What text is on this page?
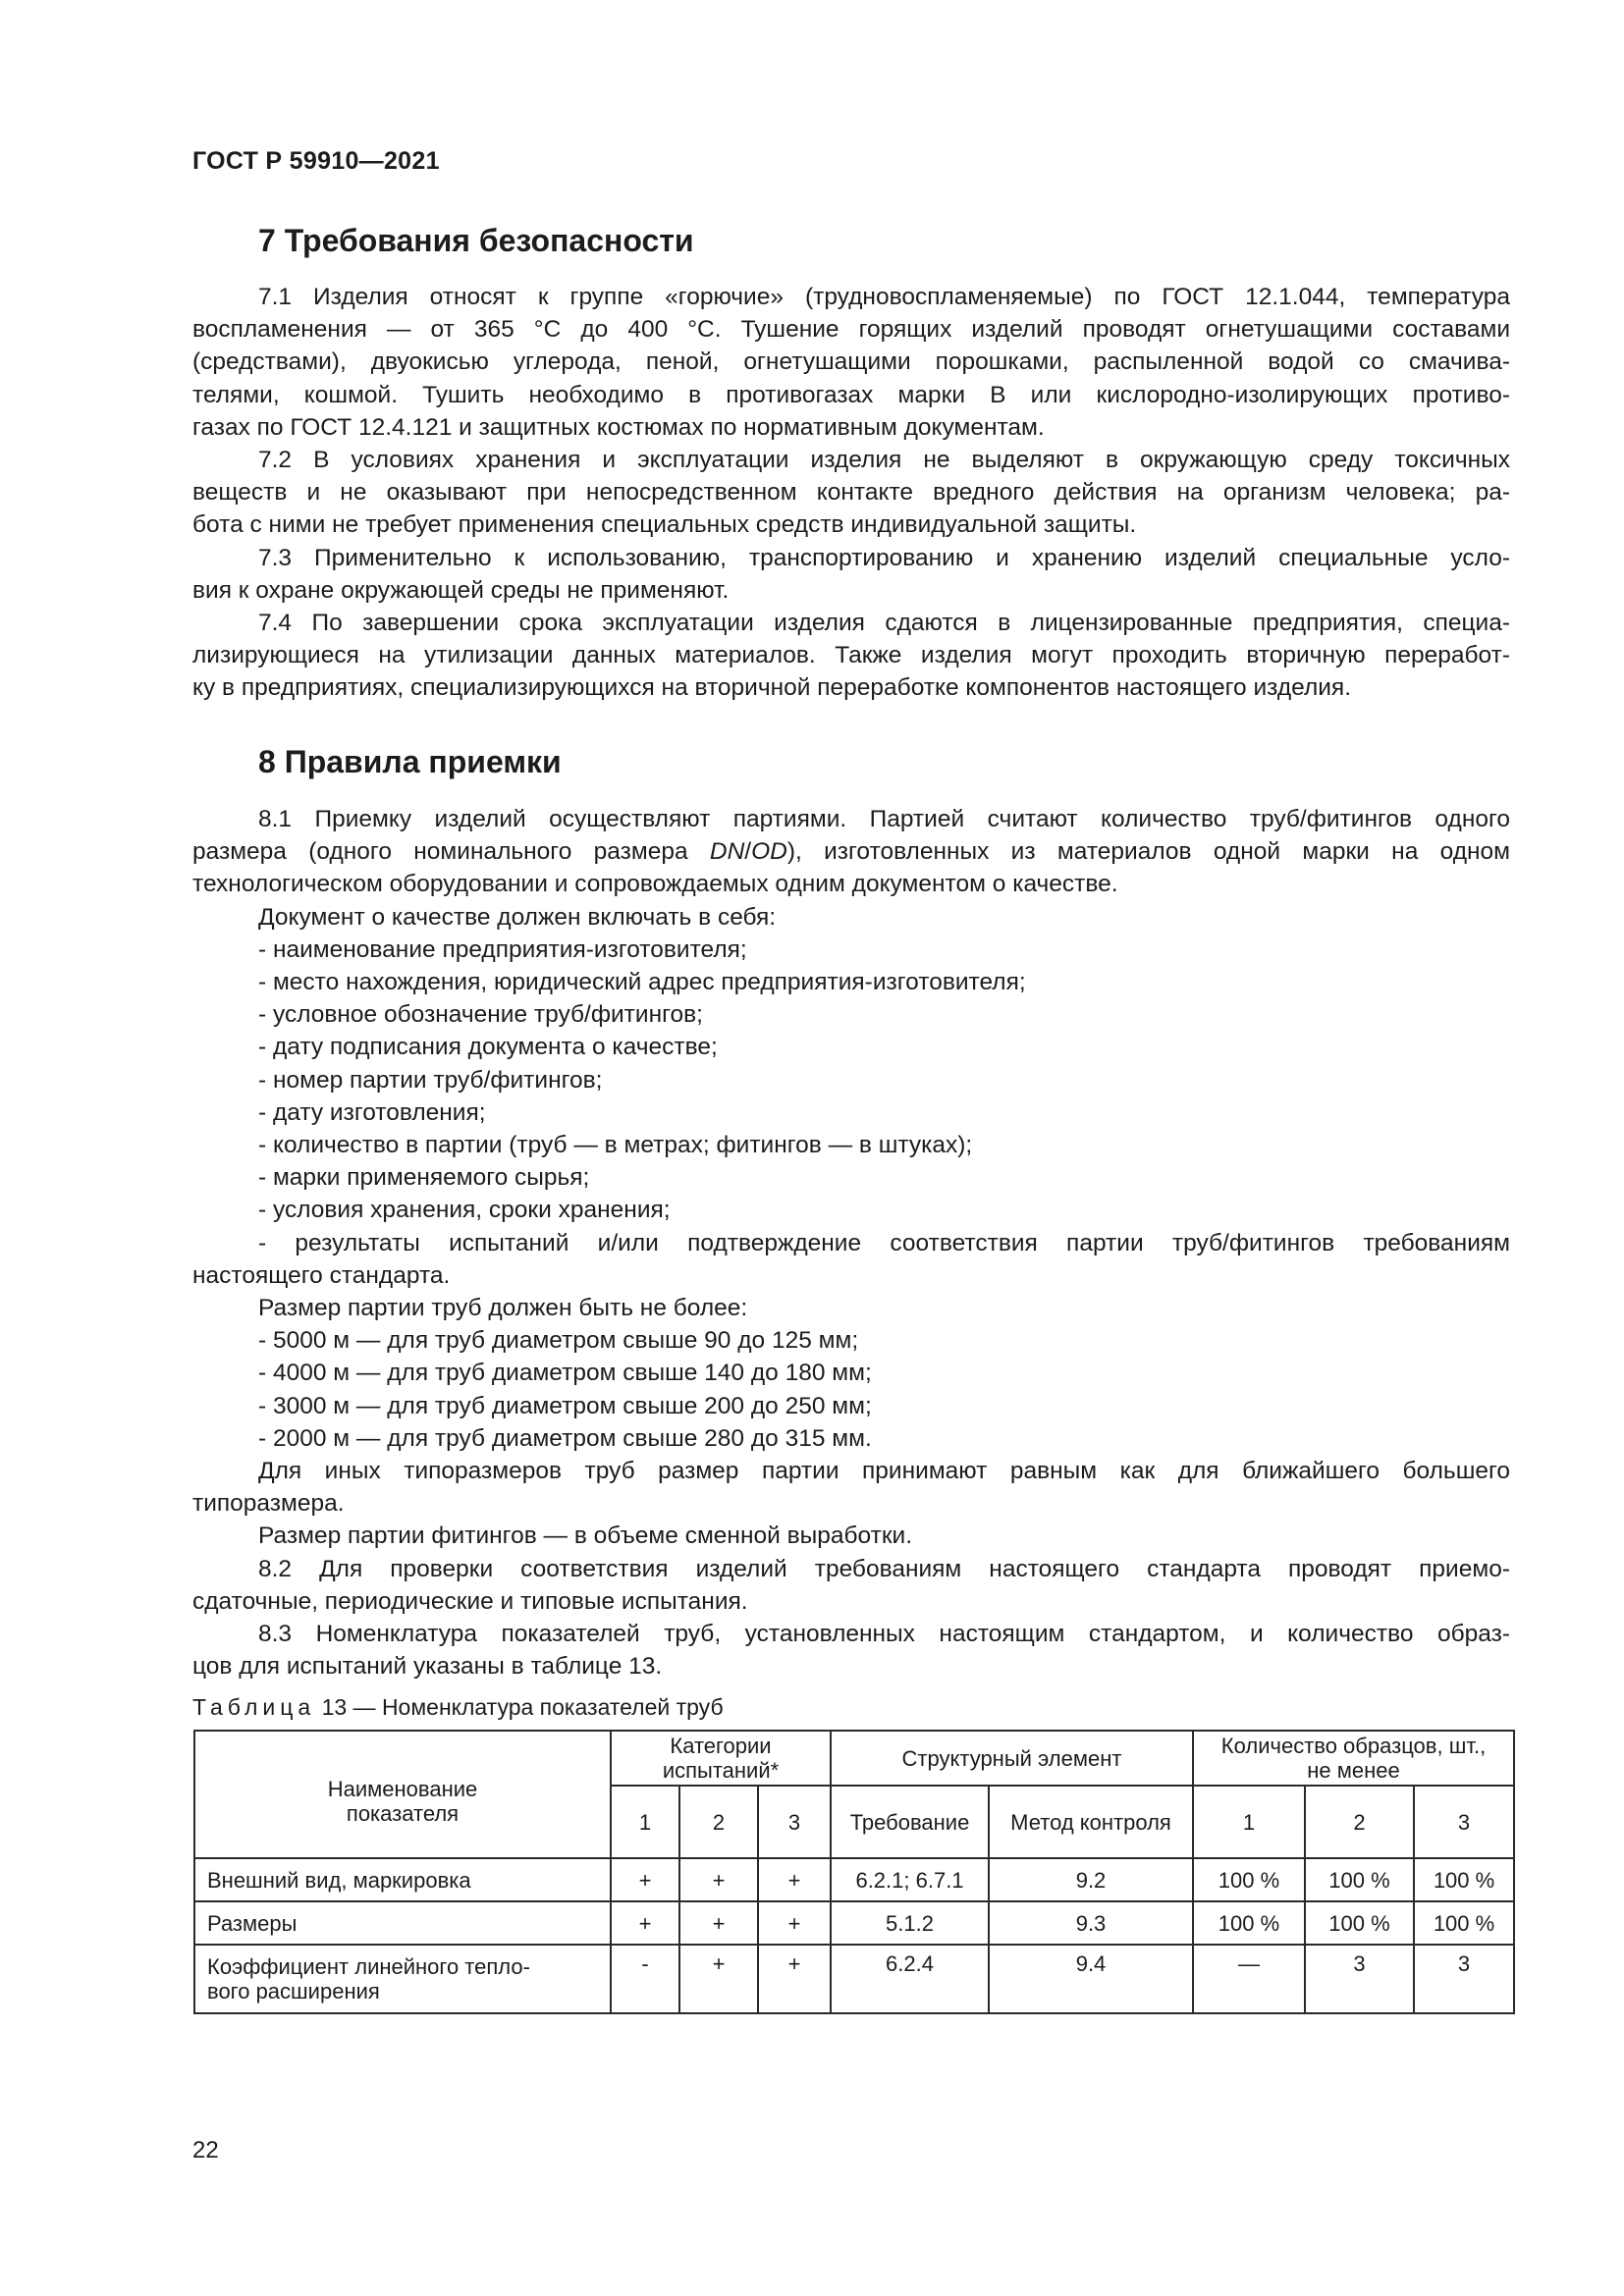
ГОСТ Р 59910—2021
7 Требования безопасности

7.1 Изделия относят к группе «горючие» (трудновоспламеняемые) по ГОСТ 12.1.044, температура

воспламенения — от 365 °С до 400 °С. Тушение горящих изделий проводят огнетушащими составами

(средствами), двуокисью углерода, пеной, огнетушащими порошками, распыленной водой со смачива-

телями, кошмой. Тушить необходимо в противогазах марки В или кислородно-изолирующих противо-

газах по ГОСТ 12.4.121 и защитных костюмах по нормативным документам.

7.2 В условиях хранения и эксплуатации изделия не выделяют в окружающую среду токсичных

веществ и не оказывают при непосредственном контакте вредного действия на организм человека; ра-

бота с ними не требует применения специальных средств индивидуальной защиты.

7.3 Применительно к использованию, транспортированию и хранению изделий специальные усло-

вия к охране окружающей среды не применяют.

7.4 По завершении срока эксплуатации изделия сдаются в лицензированные предприятия, специа-

лизирующиеся на утилизации данных материалов. Также изделия могут проходить вторичную переработ-

ку в предприятиях, специализирующихся на вторичной переработке компонентов настоящего изделия.

8 Правила приемки

8.1 Приемку изделий осуществляют партиями. Партией считают количество труб/фитингов одного

размера (одного номинального размера DN/OD), изготовленных из материалов одной марки на одном

технологическом оборудовании и сопровождаемых одним документом о качестве.

Документ о качестве должен включать в себя:

- наименование предприятия-изготовителя;

- место нахождения, юридический адрес предприятия-изготовителя;

- условное обозначение труб/фитингов;

- дату подписания документа о качестве;

- номер партии труб/фитингов;

- дату изготовления;

- количество в партии (труб — в метрах; фитингов — в штуках);

- марки применяемого сырья;

- условия хранения, сроки хранения;

- результаты испытаний и/или подтверждение соответствия партии труб/фитингов требованиям

настоящего стандарта.

Размер партии труб должен быть не более:

- 5000 м — для труб диаметром свыше 90 до 125 мм;

- 4000 м — для труб диаметром свыше 140 до 180 мм;

- 3000 м — для труб диаметром свыше 200 до 250 мм;

- 2000 м — для труб диаметром свыше 280 до 315 мм.

Для иных типоразмеров труб размер партии принимают равным как для ближайшего большего

типоразмера.

Размер партии фитингов — в объеме сменной выработки.

8.2 Для проверки соответствия изделий требованиям настоящего стандарта проводят приемо-

сдаточные, периодические и типовые испытания.

8.3 Номенклатура показателей труб, установленных настоящим стандартом, и количество образ-

цов для испытаний указаны в таблице 13.

Таблица 13 — Номенклатура показателей труб
Наименование
показателя	Категории
испытаний*			Структурный элемент		Количество образцов, шт.,
не менее		
	1	2	3	Требование	Метод контроля	1	2	3
Внешний вид, маркировка	+	+	+	6.2.1; 6.7.1	9.2	100 %	100 %	100 %
Размеры	+	+	+	5.1.2	9.3	100 %	100 %	100 %
Коэффициент линейного тепло-
вого расширения	-	+	+	6.2.4	9.4	—	3	3
22
